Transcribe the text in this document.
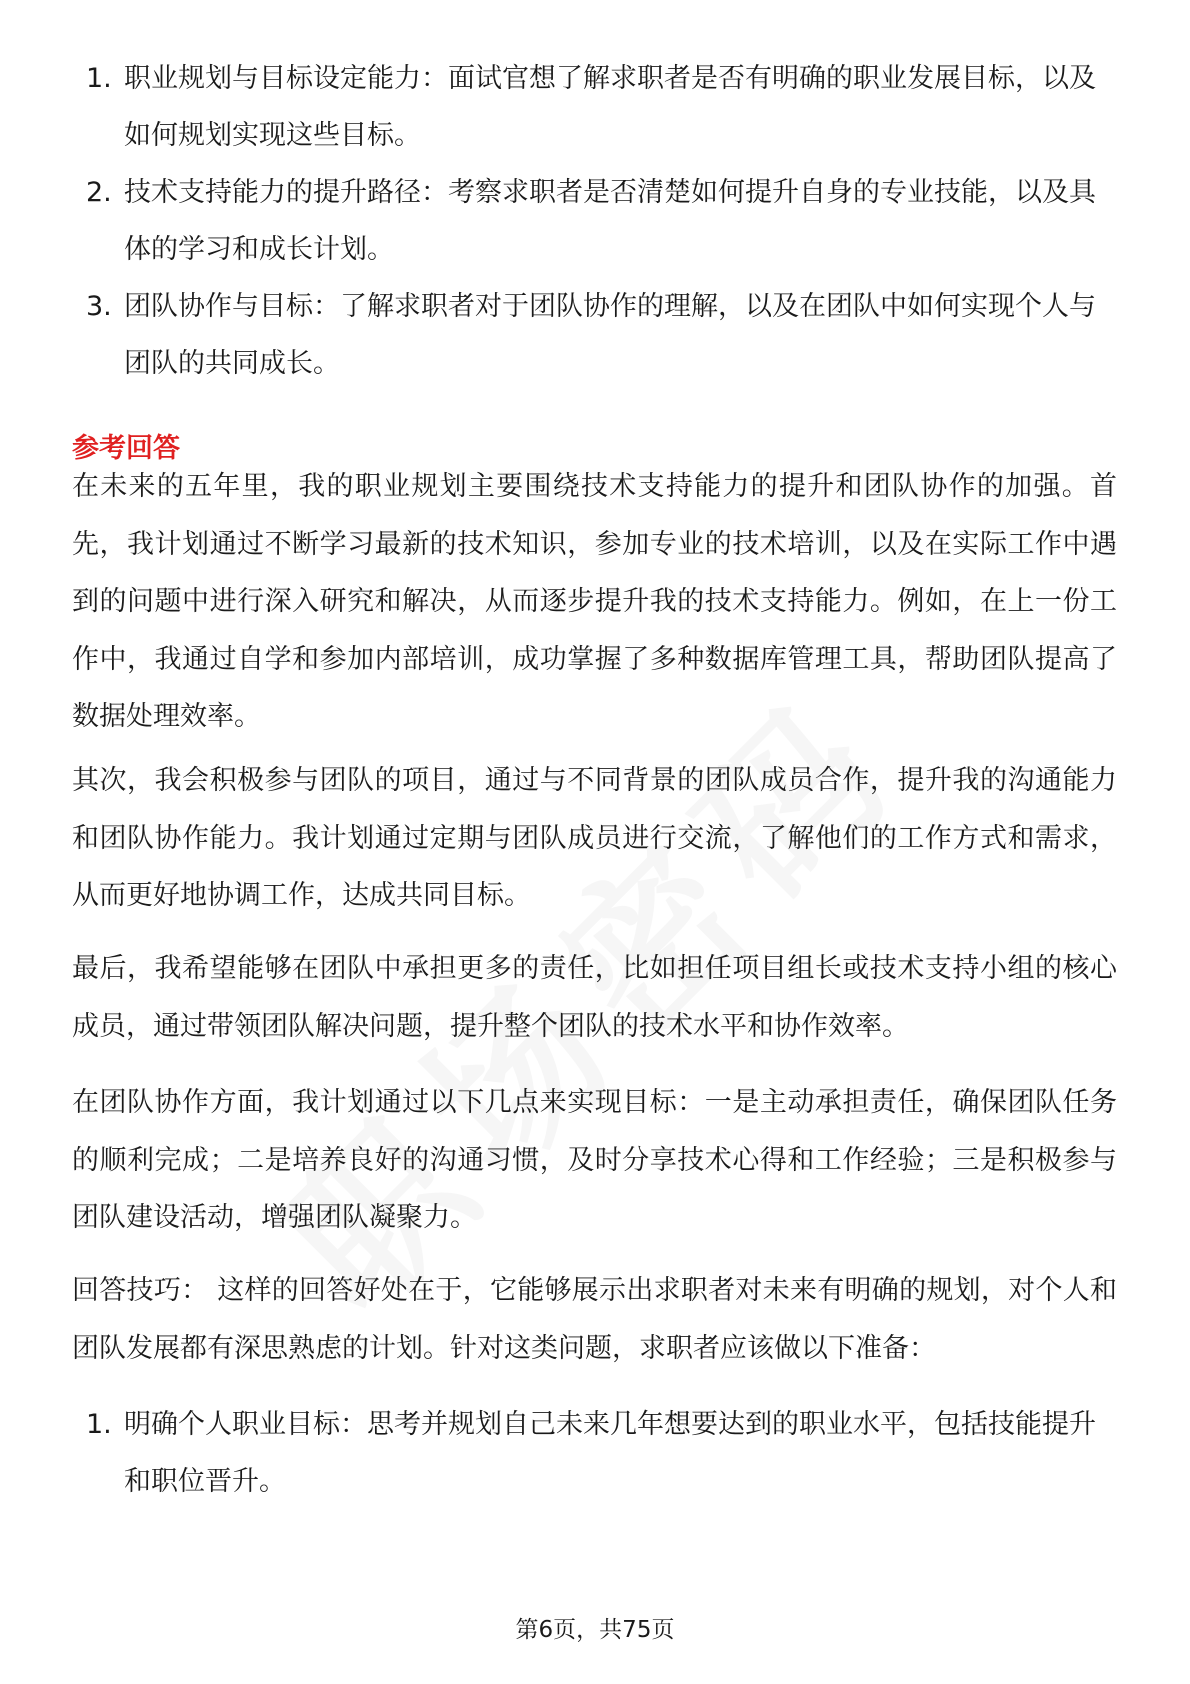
1. 职业规划与目标设定能力：面试官想了解求职者是否有明确的职业发展目标，以及如何规划实现这些目标。
2. 技术支持能力的提升路径：考察求职者是否清楚如何提升自身的专业技能，以及具体的学习和成长计划。
3. 团队协作与目标：了解求职者对于团队协作的理解，以及在团队中如何实现个人与团队的共同成长。
参考回答

在未来的五年里，我的职业规划主要围绕技术支持能力的提升和团队协作的加强。首先，我计划通过不断学习最新的技术知识，参加专业的技术培训，以及在实际工作中遇到的问题中进行深入研究和解决，从而逐步提升我的技术支持能力。例如，在上一份工作中，我通过自学和参加内部培训，成功掌握了多种数据库管理工具，帮助团队提高了数据处理效率。

其次，我会积极参与团队的项目，通过与不同背景的团队成员合作，提升我的沟通能力和团队协作能力。我计划通过定期与团队成员进行交流，了解他们的工作方式和需求，从而更好地协调工作，达成共同目标。

最后，我希望能够在团队中承担更多的责任，比如担任项目组长或技术支持小组的核心成员，通过带领团队解决问题，提升整个团队的技术水平和协作效率。

在团队协作方面，我计划通过以下几点来实现目标：一是主动承担责任，确保团队任务的顺利完成；二是培养良好的沟通习惯，及时分享技术心得和工作经验；三是积极参与团队建设活动，增强团队凝聚力。

回答技巧： 这样的回答好处在于，它能够展示出求职者对未来有明确的规划，对个人和团队发展都有深思熟虑的计划。针对这类问题，求职者应该做以下准备：

1. 明确个人职业目标：思考并规划自己未来几年想要达到的职业水平，包括技能提升和职位晋升。
第6页，共75页
